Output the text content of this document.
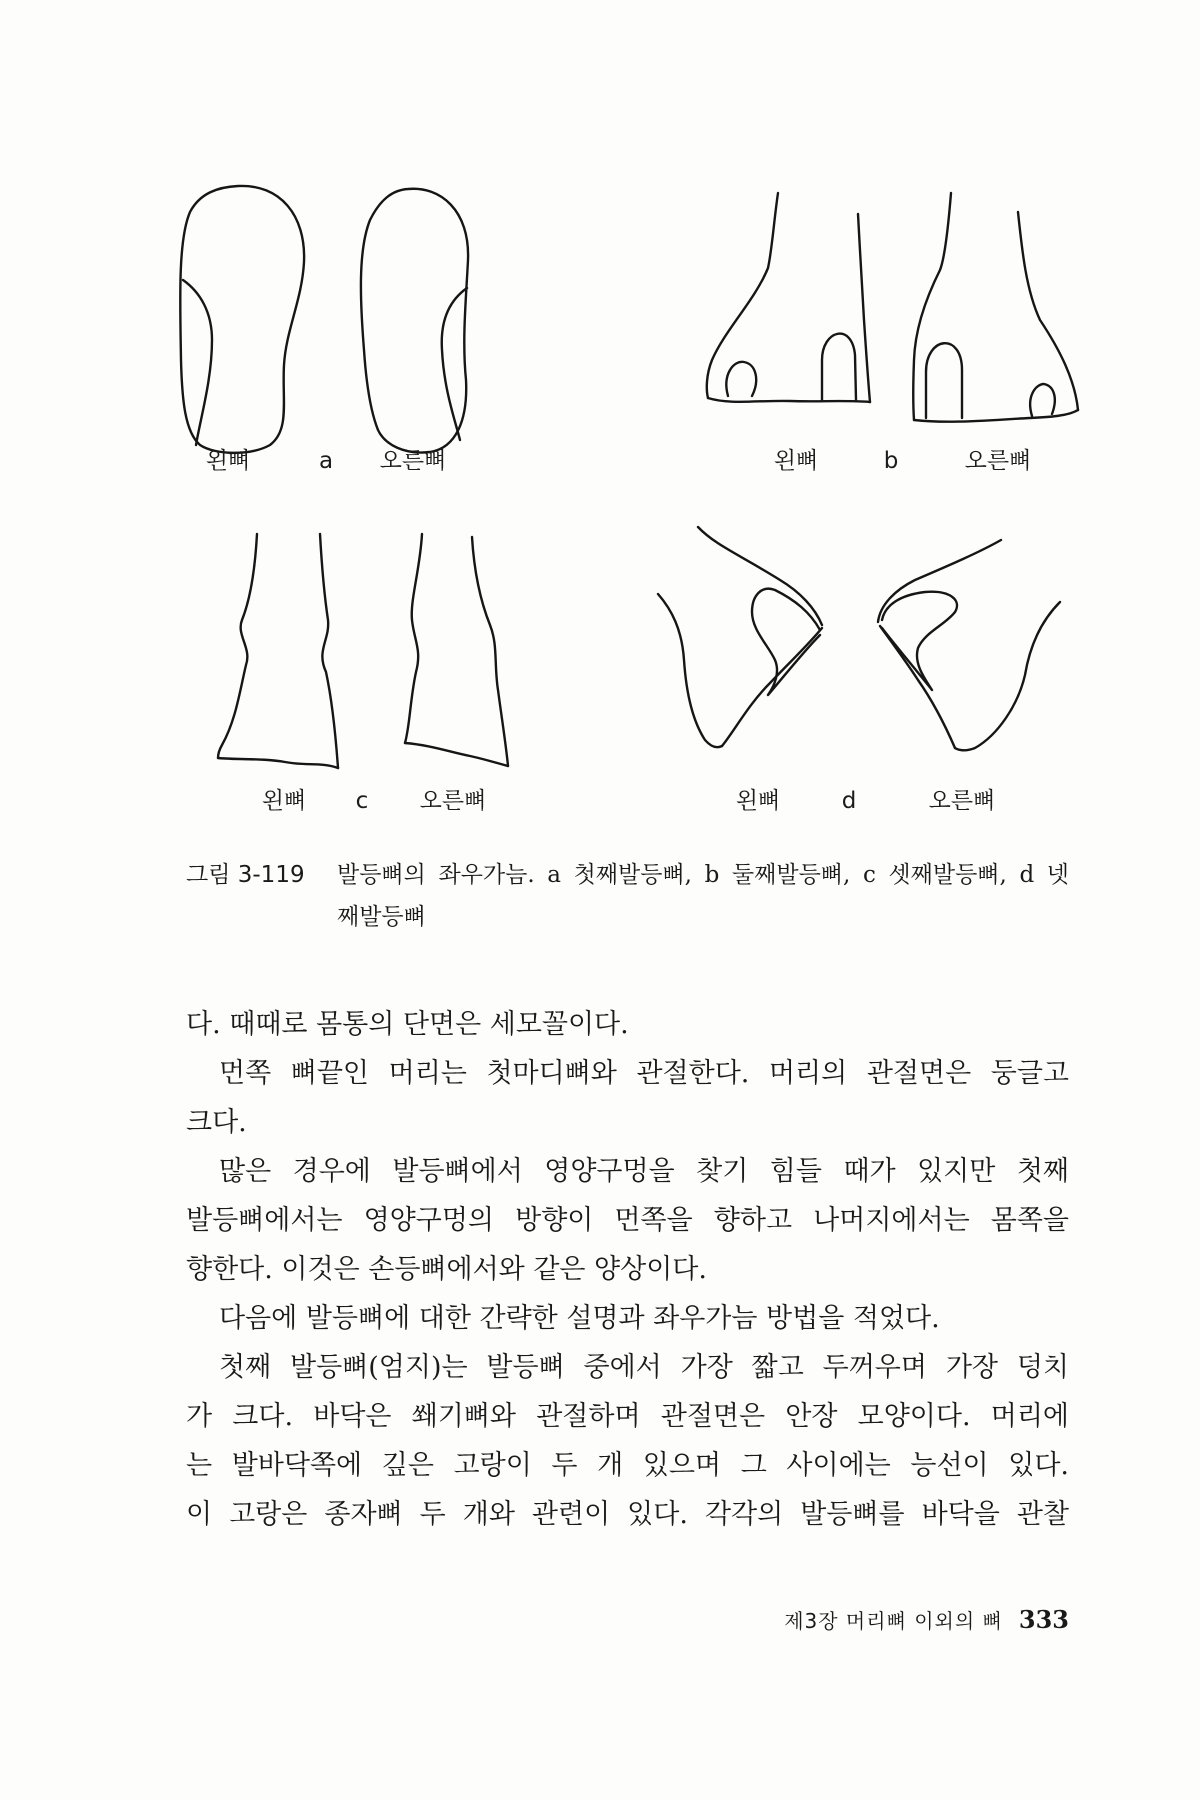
왼뼈	a 오른뼈	왼뼈	b	오른뼈
왼뼈 c 오른뼈	왼뼈	d	오른뼈
그림 3-119 발등뼈의 좌우가늠. a 첫째발등뼈, b 둘째발등뼈, c 셋째발등뼈, d 넷
째발등뼈
다. 때때로 몸통의 단면은 세모꼴이다.
먼쪽 뼈끝인 머리는 첫마디뼈와 관절한다. 머리의 관절면은 둥글고
크다.
많은 경우에 발등뼈에서 영양구멍을 찾기 힘들 때가 있지만 첫째
발등뼈에서는 영양구멍의 방향이 먼쪽을 향하고 나머지에서는 몸쪽을
향한다. 이것은 손등뼈에서와 같은 양상이다.
다음에 발등뼈에 대한 간략한 설명과 좌우가늠 방법을 적었다.
첫째 발등뼈(엄지)는 발등뼈 중에서 가장 짧고 두꺼우며 가장 덩치
가 크다. 바닥은 쐐기뼈와 관절하며 관절면은 안장 모양이다. 머리에
는 발바닥쪽에 깊은 고랑이 두 개 있으며 그 사이에는 능선이 있다.
이 고랑은 종자뼈 두 개와 관련이 있다. 각각의 발등뼈를 바닥을 관찰
제3장 머리뼈 이외의 뼈 333
